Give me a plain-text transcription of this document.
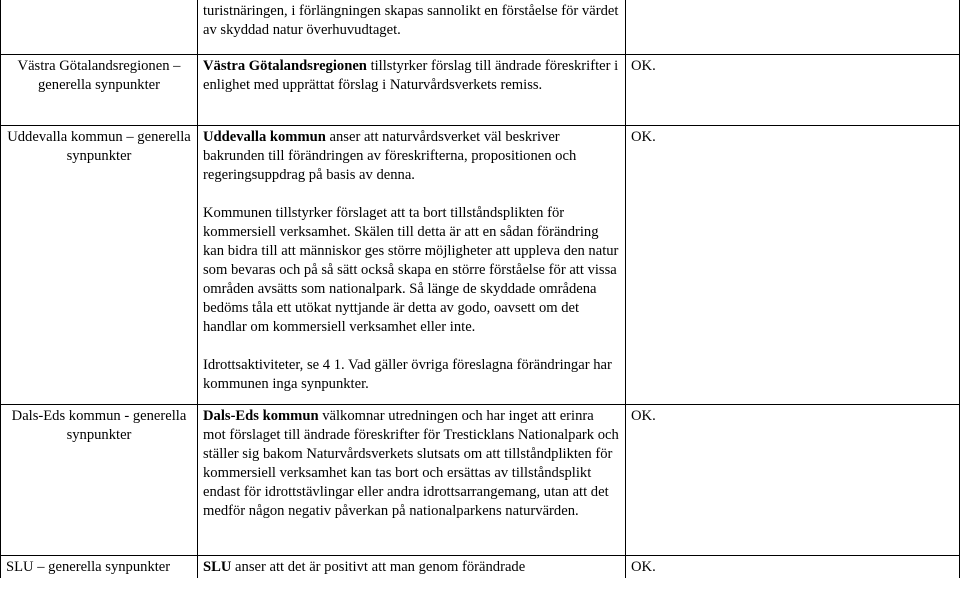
	turistnäringen, i förlängningen skapas sannolikt en förståelse för värdet av skyddad natur överhuvudtaget.	

Västra Götalandsregionen – generella synpunkter	Västra Götalandsregionen tillstyrker förslag till ändrade föreskrifter i enlighet med upprättat förslag i Naturvårdsverkets remiss.	OK.
Uddevalla kommun – generella synpunkter	Uddevalla kommun anser att naturvårdsverket väl beskriver bakrunden till förändringen av föreskrifterna, propositionen och regeringsuppdrag på basis av denna.

Kommunen tillstyrker förslaget att ta bort tillståndsplikten för kommersiell verksamhet. Skälen till detta är att en sådan förändring kan bidra till att människor ges större möjligheter att uppleva den natur som bevaras och på så sätt också skapa en större förståelse för att vissa områden avsätts som nationalpark. Så länge de skyddade områdena bedöms tåla ett utökat nyttjande är detta av godo, oavsett om det handlar om kommersiell verksamhet eller inte.

Idrottsaktiviteter, se 4 1. Vad gäller övriga föreslagna förändringar har kommunen inga synpunkter.	OK.
Dals-Eds kommun - generella synpunkter	Dals-Eds kommun välkomnar utredningen och har inget att erinra mot förslaget till ändrade föreskrifter för Tresticklans Nationalpark och ställer sig bakom Naturvårdsverkets slutsats om att tillståndplikten för kommersiell verksamhet kan tas bort och ersättas av tillståndsplikt endast för idrottstävlingar eller andra idrottsarrangemang, utan att det medför någon negativ påverkan på nationalparkens naturvärden.	OK.
SLU – generella synpunkter	SLU anser att det är positivt att man genom förändrade	OK.
